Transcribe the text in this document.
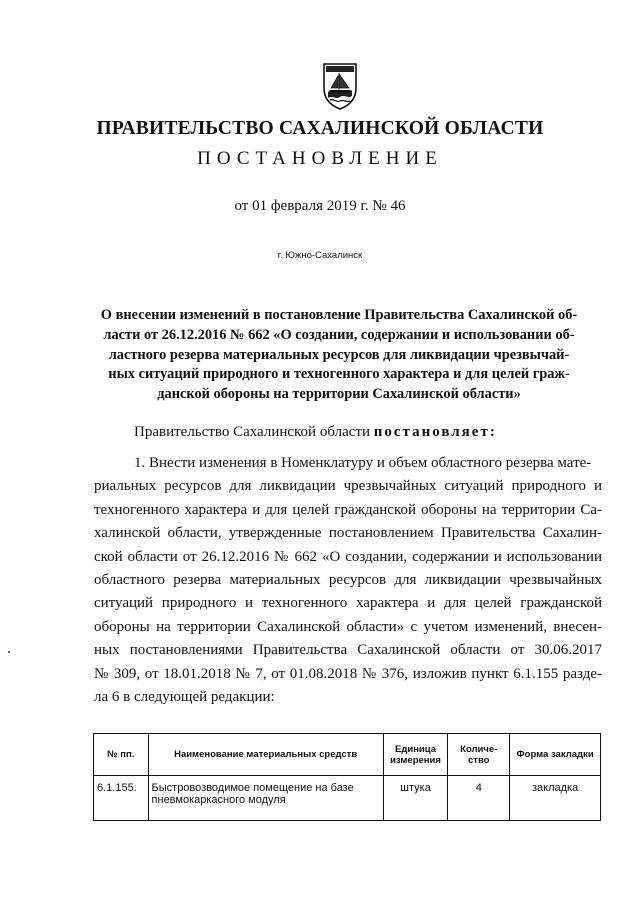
ПРАВИТЕЛЬСТВО САХАЛИНСКОЙ ОБЛАСТИ
ПОСТАНОВЛЕНИЕ
от 01 февраля 2019 г. № 46
г. Южно-Сахалинск
О внесении изменений в постановление Правительства Сахалинской об-
ласти от 26.12.2016 № 662 «О создании, содержании и использовании об-
ластного резерва материальных ресурсов для ликвидации чрезвычай-
ных ситуаций природного и техногенного характера и для целей граж-
данской обороны на территории Сахалинской области»
Правительство Сахалинской области постановляет:
1. Внести изменения в Номенклатуру и объем областного резерва мате-
риальных ресурсов для ликвидации чрезвычайных ситуаций природного и
техногенного характера и для целей гражданской обороны на территории Са-
халинской области, утвержденные постановлением Правительства Сахалин-
ской области от 26.12.2016 № 662 «О создании, содержании и использовании
областного резерва материальных ресурсов для ликвидации чрезвычайных
ситуаций природного и техногенного характера и для целей гражданской
обороны на территории Сахалинской области» с учетом изменений, внесен-
ных постановлениями Правительства Сахалинской области от 30.06.2017
№ 309, от 18.01.2018 № 7, от 01.08.2018 № 376, изложив пункт 6.1.155 разде-
ла 6 в следующей редакции:
№ пп.	Наименование материальных средств	Единица измерения	Количе-ство	Форма закладки
6.1.155.	Быстровозводимое помещение на базе пневмокаркасного модуля	штука	4	закладка
